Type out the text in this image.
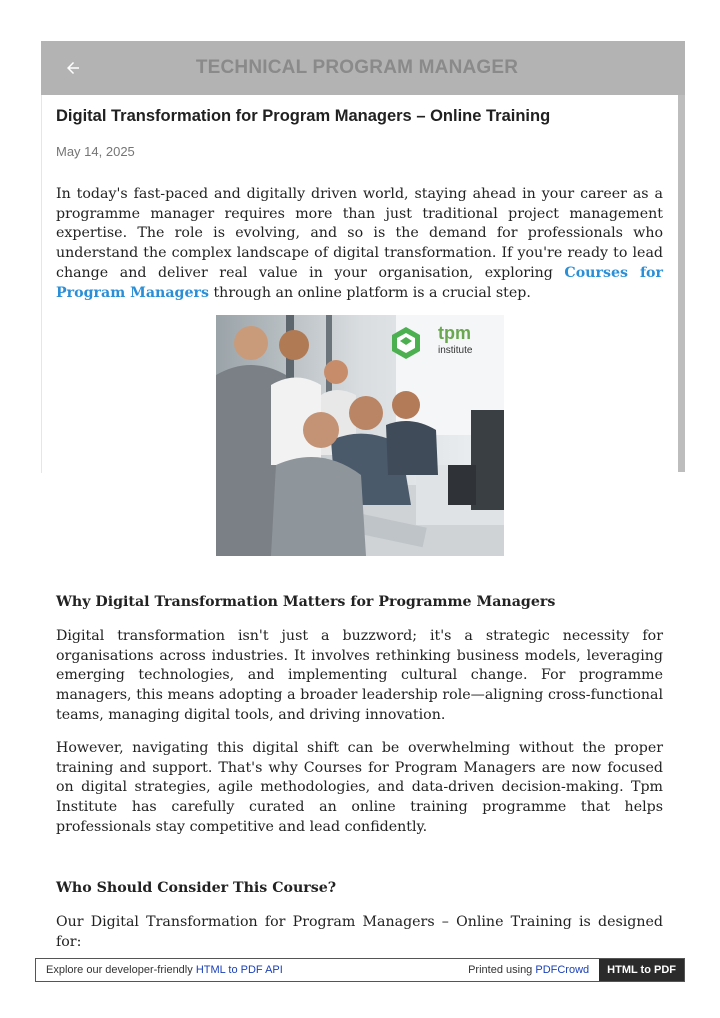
TECHNICAL PROGRAM MANAGER
Digital Transformation for Program Managers – Online Training
May 14, 2025

In today's fast-paced and digitally driven world, staying ahead in your career as a programme manager requires more than just traditional project management expertise. The role is evolving, and so is the demand for professionals who understand the complex landscape of digital transformation. If you're ready to lead change and deliver real value in your organisation, exploring Courses for Program Managers through an online platform is a crucial step.

tpm
institute
Why Digital Transformation Matters for Programme Managers

Digital transformation isn't just a buzzword; it's a strategic necessity for organisations across industries. It involves rethinking business models, leveraging emerging technologies, and implementing cultural change. For programme managers, this means adopting a broader leadership role—aligning cross-functional teams, managing digital tools, and driving innovation.

However, navigating this digital shift can be overwhelming without the proper training and support. That's why Courses for Program Managers are now focused on digital strategies, agile methodologies, and data-driven decision-making. Tpm Institute has carefully curated an online training programme that helps professionals stay competitive and lead confidently.

Who Should Consider This Course?

Our Digital Transformation for Program Managers – Online Training is designed for:

Explore our developer-friendly HTML to PDF API	Printed using PDFCrowd	HTML to PDF
